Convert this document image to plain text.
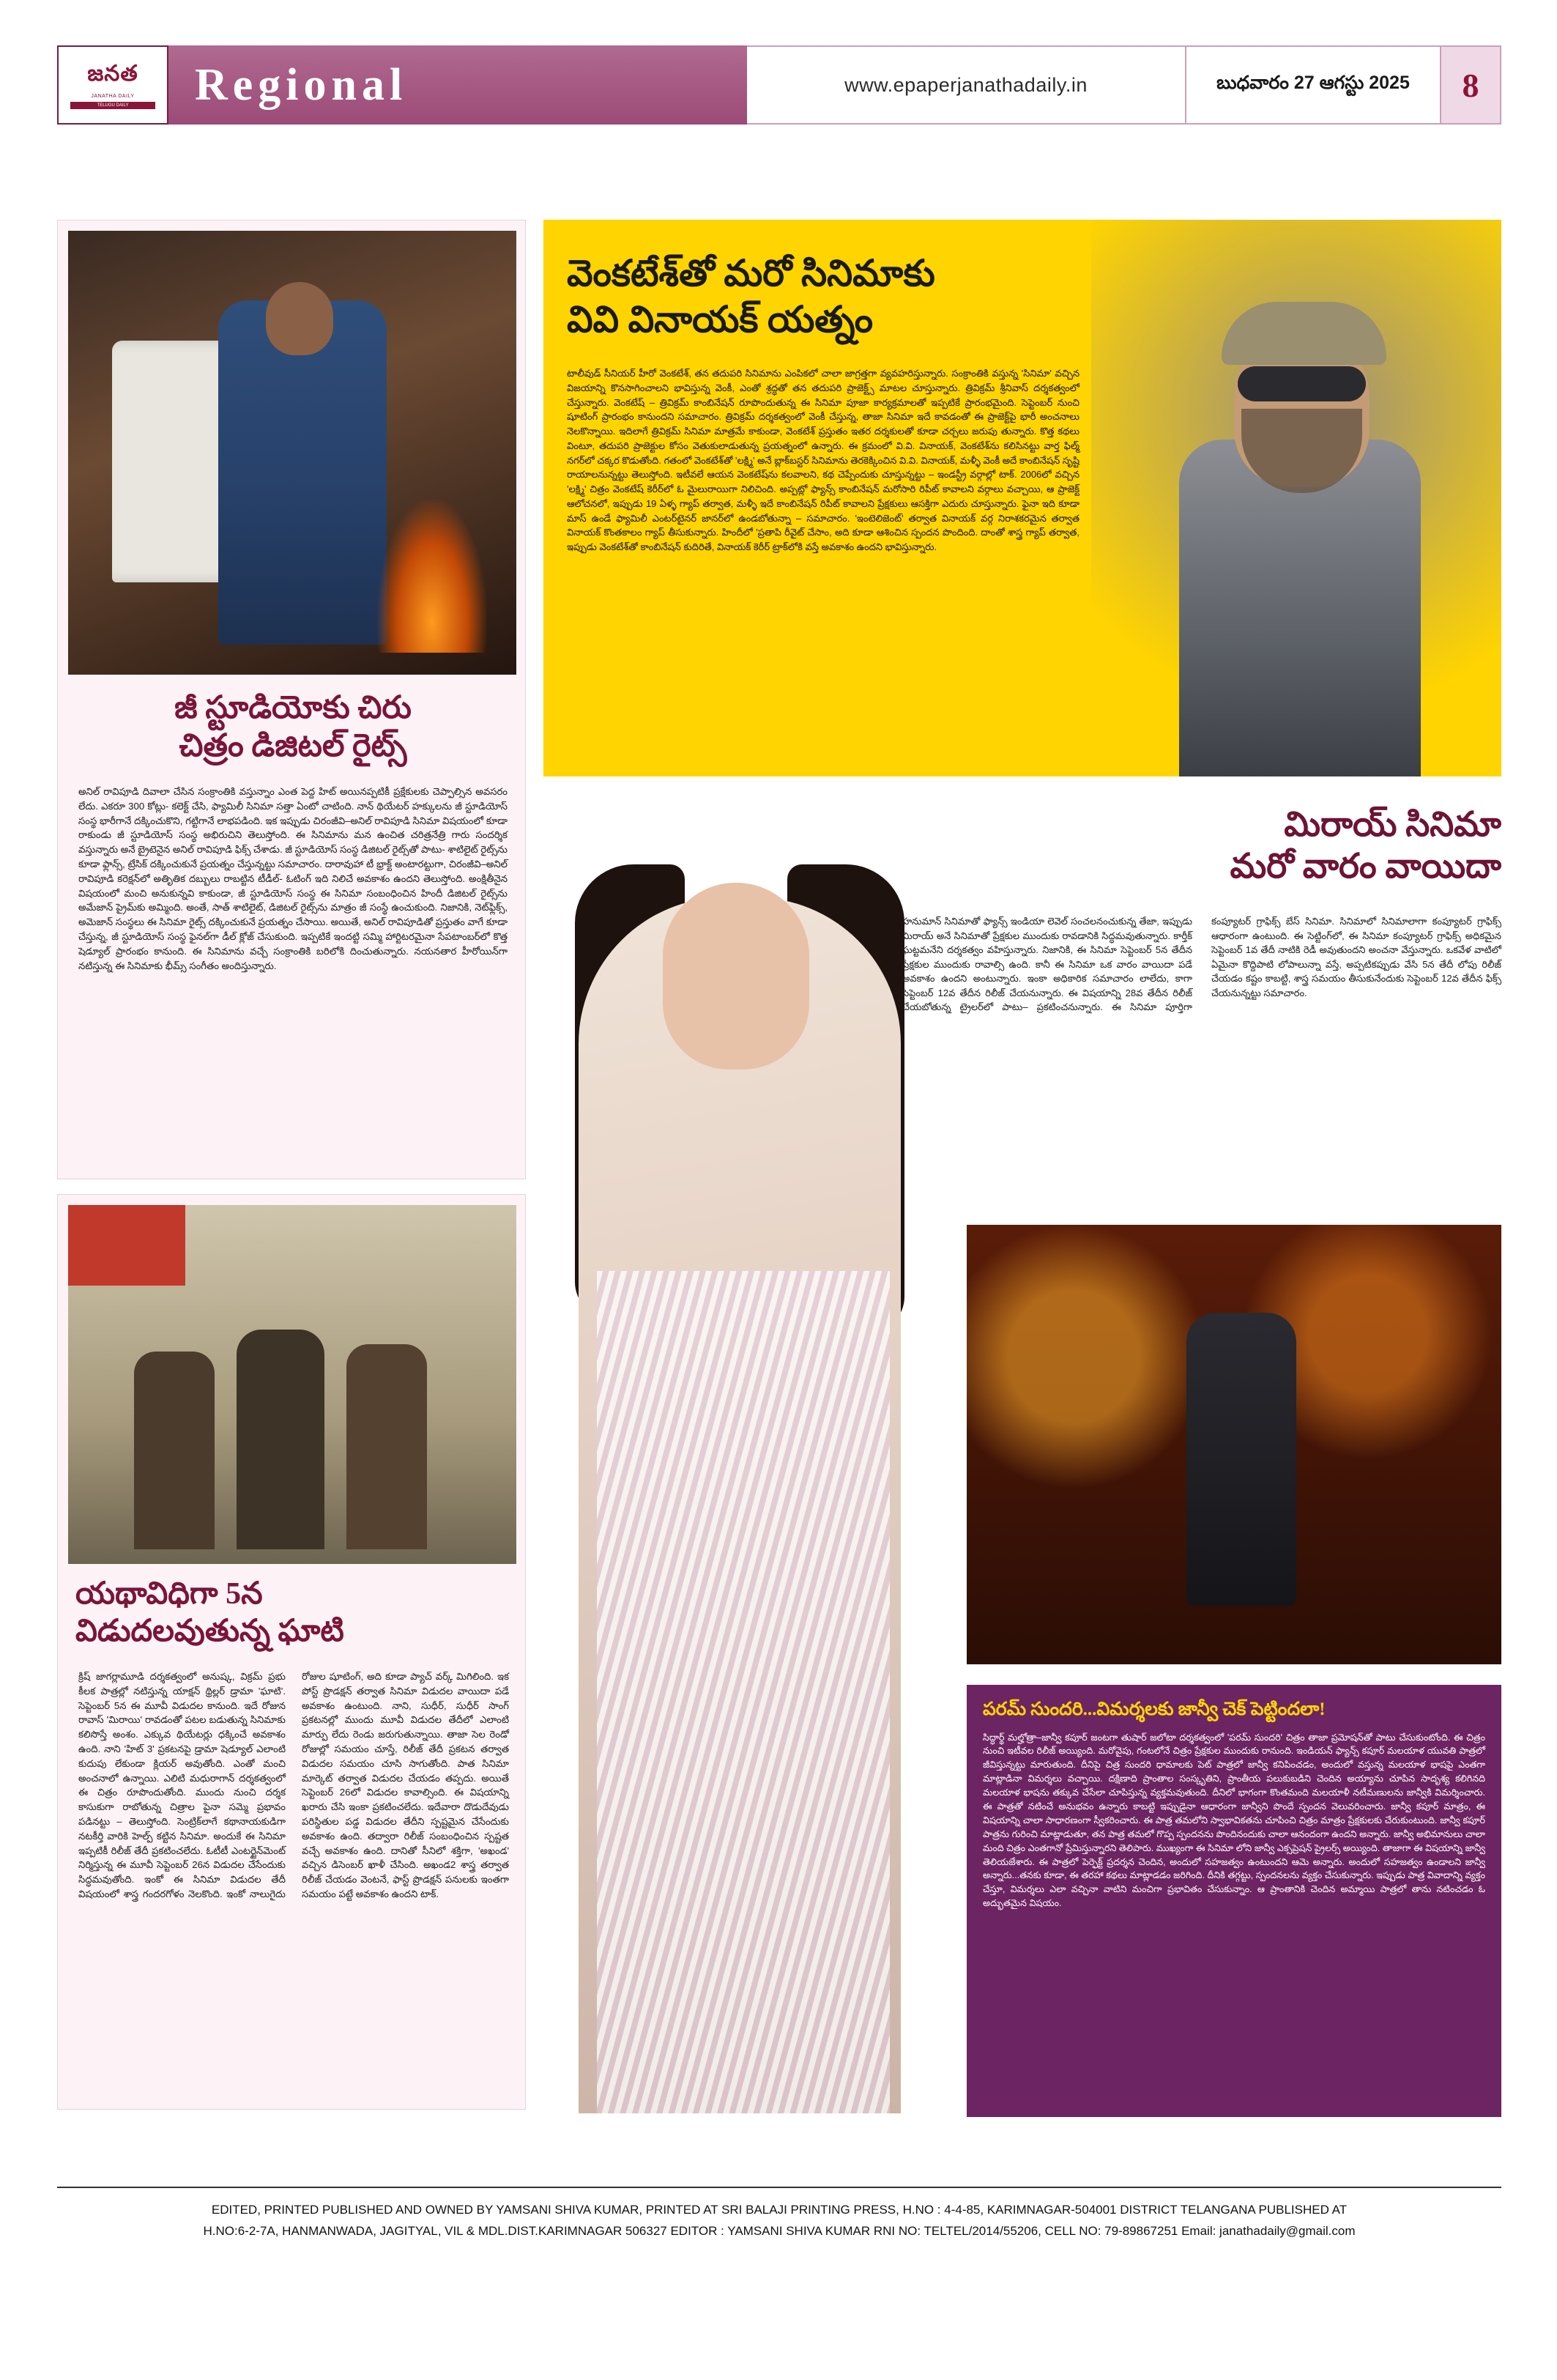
జనత
JANATHA DAILY
TELUGU DAILY	Regional	www.epaperjanathadaily.in	బుధవారం 27 ఆగస్టు 2025 8
జీ స్టూడియోకు చిరు
చిత్రం డిజిటల్ రైట్స్
అనిల్ రావిపూడి దివాలా చేసిన సంక్రాంతికి వస్తున్నాం ఎంత పెద్ద హిట్ అయినప్పటికీ ప్రక్షేకులకు చెప్పాల్సిన అవసరం లేదు. ఎకరూ 300 కోట్లు- కలెక్ట్ చేసి, ఫ్యామిలీ సినిమా సత్తా ఏంటో చాటింది. నాన్ థియేటర్ హక్కులను జీ స్టూడియోస్ సంస్థ భారీగానే దక్కించుకొని, గట్టిగానే లాభపడింది. ఇక ఇప్పుడు చిరంజీవి–అనిల్ రావిపూడి సినిమా విషయంలో కూడా రాకుండు జీ స్టూడియోస్ సంస్థ అభిరుచిని తెలుస్తోంది. ఈ సినిమాను మన ఉంచిత చరిత్రనేత్రి గారు సందర్శిక వస్తున్నారు అనే బ్రైటెనైన అనిల్ రావిపూడి ఫిక్స్ చేశాడు. జీ స్టూడియోస్ సంస్థ డిజిటల్ రైట్స్‌తో పాటు- శాటిలైట్ రైట్స్‌ను కూడా ఫ్లాన్స్, ట్రేసిక్ దక్కించుకునే ప్రయత్నం చేస్తున్నట్టు సమాచారం. దారావుహా టీ భ్రాక్ట్ అంటారట్టుగా, చిరంజీవి–అనిల్ రావిపూడి కరెక్షన్‌లో అతిృతిక దబ్బులు రాబట్టిన టీడీల్- ఓటింగ్ ఇది నిలిచే అవకాశం ఉందని తెలుస్తోంది. అంక్షితీనైన విషయంలో మంచి అనుకున్నవి కాకుండా, జీ స్టూడియోస్ సంస్థ ఈ సినిమా సంబంధించిన హిందీ డిజిటల్ రైట్స్‌ను అమేజాన్ ప్రైమ్‌కు అమ్మింది. అంతే, సాత్ శాటిలైట్, డిజిటల్ రైట్స్‌ను మాత్రం జీ సంస్థే ఉంచుకుంది. నిజానికి, నెట్‌ఫ్లిక్స్, అమెజాన్ సంస్థలు ఈ సినిమా రైట్స్ దక్కించుకునే ప్రయత్నం చేసాయి. అయితే, అనిల్ రావిపూడితో ప్రస్తుతం వాగే కూడా చేస్తున్న, జీ స్టూడియోస్ సంస్థ ఫైనల్‌గా డీల్ క్లోజ్ చేసుకుంది. ఇప్పటికే ఇందట్టి సమ్మి హార్టిటరమైనా సేపటాంబర్‌లో కొత్త షెడ్యూల్ ప్రారంభం కానుంది. ఈ సినిమాను వచ్చే సంక్రాంతికి బరిలోకి దించుతున్నారు. నయనతార హీరోయిన్‌గా నటిస్తున్న ఈ సినిమాకు భీమ్స్ సంగీతం అందిస్తున్నారు.
వెంకటేశ్‌తో మరో సినిమాకు
వివి వినాయక్ యత్నం
టాలీవుడ్ సీనియర్ హీరో వెంకటేశ్, తన తదుపరి సినిమాను ఎంపికలో చాలా జాగ్రత్తగా వ్యవహరిస్తున్నారు. సంక్రాంతికి వస్తున్న 'సినిమా' వచ్చిన విజయాన్ని కొనసాగించాలని భావిస్తున్న వెంకీ, ఎంతో శ్రద్ధతో తన తదుపరి ప్రాజెక్ట్స్ మాటల చూస్తున్నారు. త్రివిక్రమ్ శ్రీనివాస్ దర్శకత్వంలో చేస్తున్నారు. వెంకటేష్ – త్రివిక్రమ్ కాంబినేషన్ రూపొందుతున్న ఈ సినిమా పూజా కార్యక్రమాలతో ఇప్పటికే ప్రారంభమైంది. సెప్టెంబర్ నుంచి షూటింగ్ ప్రారంభం కానుందని సమాచారం. త్రివిక్రమ్ దర్శకత్వంలో వెంకీ చేస్తున్న, తాజా సినిమా ఇదే కావడంతో ఈ ప్రాజెక్ట్‌పై భారీ అంచనాలు నెలకొన్నాయి. ఇదిలాగే త్రివిక్రమ్ సినిమా మాత్రమే కాకుండా, వెంకటేశ్ ప్రస్తుతం ఇతర దర్శకులతో కూడా చర్చలు జరుపు తున్నారు. కొత్త కథలు వింటూ, తదుపరి ప్రాజెక్టుల కోసం వెతుకులాడుతున్న ప్రయత్నంలో ఉన్నారు. ఈ క్రమంలో వి.వి. వినాయక్, వెంకటేశ్‌ను కలిసినట్టు వార్త ఫిల్మ్ నగర్‌లో చక్కర కొడుతోంది. గతంలో వెంకటేశ్‌తో 'లక్ష్మి' అనే బ్లాక్‌బస్టర్ సినిమాను తెరకెక్కించిన వి.వి. వినాయక్, మళ్ళీ వెంకీ అదే కాంబినేషన్ సృష్టి రాయాలనున్నట్టు తెలుస్తోంది. ఇటీవలే ఆయన వెంకటేష్‌ను కలవాలని, కథ చెప్పేందుకు చూస్తున్నట్టు – ఇండస్ట్రీ వర్గాల్లో టాక్. 2006లో వచ్చిన 'లక్ష్మి' చిత్రం వెంకటేష్ కెరీర్‌లో ఓ మైలురాయిగా నిలిచింది. అప్పట్లో ఫ్యాన్స్ కాంబినేషన్ మరోసారి రిపీట్ కావాలని వర్గాలు వచ్చాయి, ఆ ప్రాజెక్ట్ ఆలోచనలో, ఇప్పుడు 19 ఏళ్ళ గ్యాప్ తర్వాత, మళ్ళీ ఇదే కాంబినేషన్ రిపీట్ కావాలని ప్రేక్షకులు ఆసక్తిగా ఎదురు చూస్తున్నారు. ఫైనా ఇది కూడా మాస్ ఉండే ఫ్యామిలీ ఎంటర్‌టైనర్ జానర్‌లో ఉండబోతున్నా – సమాచారం. 'ఇంటెలిజెంట్' తర్వాత వినాయక్ వర్గ నిరాశకరమైన తర్వాత వినాయక్ కొంతకాలం గ్యాప్ తీసుకున్నారు. హిందీలో 'ప్రతాపి రీవైట్ చేసాం, అది కూడా ఆశించిన స్పందన పొందింది. దాంతో శాస్త్ర గ్యాప్ తర్వాత, ఇప్పుడు వెంకటేశ్‌తో కాంబినేషన్ కుదిరితే, వినాయక్ కెరీర్ ట్రాక్‌లోకి వస్తే అవకాశం ఉందని భావిస్తున్నారు.
యథావిధిగా 5న
విడుదలవుతున్న ఘాటి
క్రిష్ జాగర్లామూడి దర్శకత్వంలో అనుష్క, విక్రమ్ ప్రభు కీలక పాత్రల్లో నటిస్తున్న యాక్షన్ థ్రిల్లర్ డ్రామా 'ఘాటి'. సెప్టెంబర్ 5న ఈ మూవీ విడుదల కానుంది. ఇదే రోజున రావాస్ 'మిరాయి' రావడంతో పటల బడుతున్న సినిమాకు కలిసొస్తే అంశం. ఎక్కువ థియేటర్లు ధక్కించే అవకాశం ఉంది. నాని 'హిట్ 3' ప్రకటనపై డ్రామా షెడ్యూల్ ఎలాంటి కుదుపు లేకుండా క్లియర్ అవుతోంది. ఎంతో మంచి అంచనాలో ఉన్నాయి. ఎలిటి మధురాగాన్ దర్శకత్వంలో ఈ చిత్రం రూపొందుతోంది. ముందు నుంచి దర్శక కాసుకుగా రాబోతున్న చిత్రాల పైనా సమ్మె ప్రభావం పడినట్టు – తెలుస్తోంది. సెంట్రిక్‌లాగే కథానాయకుడిగా నటకీర్తి వారికి హెల్ప్ కట్టిన సినిమా. అందుకే ఈ సినిమా ఇప్పటికీ రిలీజ్ తేదీ ప్రకటించలేదు. ఓటీటీ ఎంటర్టైన్‌మెంట్ నిర్మిస్తున్న ఈ మూవీ సెప్టెంబర్ 26న విడుదల చేసేందుకు సిద్ధమవుతోంది. ఇంకో ఈ సినిమా విడుదల తేదీ విషయంలో శాస్త్ర గందరగోళం నెలకొంది. ఇంకో నాలుగైదు రోజుల షూటింగ్, అది కూడా ప్యాచ్ వర్క్ మిగిలింది. ఇక పోస్ట్ ప్రొడక్షన్ తర్వాత సినిమా విడుదల వాయిదా పడే అవకాశం ఉంటుంది. నాని, సుధీర్, సుధీర్ సాంగ్ ప్రకటనల్లో ముందు మూవీ విడుదల తేదీలో ఎలాంటి మార్పు లేదు రెండు జరుగుతున్నాయి. తాజా సెల రెండో రోజుల్లో సమయం చూస్తే, రిలీజ్ తేదీ ప్రకటన తర్వాత విడుదల సమయం చూసి సాగుతోంది. పాత సినిమా మార్కెట్ తర్వాత విడుదల చేయడం తప్పదు. అయితే సెప్టెంబర్ 26లో విడుదల కావాల్సింది. ఈ విషయాన్ని ఖరారు చేసి ఇంకా ప్రకటించలేదు. ఇదేవారా దొడుదేవుడు పరిస్థితుల పడ్డ విడుదల తేదీని స్పష్టమైన చేసేందుకు అవకాశం ఉంది. తద్వారా రిలీజ్ సంబంధించిన స్పష్టత వచ్చే అవకాశం ఉంది. దానితో సీనిలో శక్తిగా, 'అఖండ' వచ్చిన డిసెంబర్ ఖాళీ చేసింది. అఖండ2 శాస్త్ర తర్వాత రిలీజ్ చేయడం వెంటనే, ఫాస్ట్ ప్రొడక్షన్ పనులకు ఇంతగా సమయం పట్టే అవకాశం ఉందని టాక్.
మిరాయ్ సినిమా
మరో వారం వాయిదా
హనుమాన్ సినిమాతో ఫ్యాన్స్ ఇండియా లెవెల్ సంచలనంచుకున్న తేజా, ఇప్పుడు మిరాయ్ అనే సినిమాతో ప్రేక్షకుల ముందుకు రావడానికి సిద్ధమవుతున్నారు. కార్తీక్ ఘట్టమనేని దర్శకత్వం వహిస్తున్నారు. నిజానికి, ఈ సినిమా సెప్టెంబర్ 5న తేదీన ప్రేక్షకుల ముందుకు రావాల్సి ఉంది. కానీ ఈ సినిమా ఒక వారం వాయిదా పడే అవకాశం ఉందని అంటున్నారు. ఇంకా అధికారిక సమాచారం లాలేదు, కాగా సెప్టెంబర్ 12వ తేదీన రిలీజ్ చేయనున్నారు. ఈ విషయాన్ని 28వ తేదీన రిలీజ్ చేయబోతున్న ట్రైలర్‌లో పాటు– ప్రకటించనున్నారు. ఈ సినిమా పూర్తిగా కంప్యూటర్ గ్రాఫిక్స్ బేస్ సినిమా. సినిమాలో సినిమాలాగా కంప్యూటర్ గ్రాఫిక్స్ ఆధారంగా ఉంటుంది. ఈ సెట్టింగ్‌లో, ఈ సినిమా కంప్యూటర్ గ్రాఫిక్స్ అధికమైన సెప్టెంబర్ 1వ తేదీ నాటికి రెడీ అవుతుందని అంచనా వేస్తున్నారు. ఒకవేళ వాటిలో ఏమైనా కొద్దిపాటి లోపాలున్నా వస్తే, అప్పటికప్పుడు వేసి 5న తేదీ లోపు రిలీజ్ చేయడం కష్టం కాబట్టి, శాస్త్ర సమయం తీసుకునేందుకు సెప్టెంబర్ 12వ తేదీన ఫిక్స్ చేయనున్నట్టు సమాచారం.
పరమ్ సుందరి...విమర్శలకు జాన్వీ చెక్ పెట్టిందలా!
సిద్ధార్థ్ మల్హోత్రా–జాన్వీ కపూర్ జంటగా తుషార్ జలోటా దర్శకత్వంలో 'పరమ్ సుందరి' చిత్రం తాజా ప్రమోషన్‌తో పాటు చేసుకుంటోంది. ఈ చిత్రం నుంచి ఇటీవల రిలీజ్ అయ్యింది. మరోవైపు, గంటలోనే చిత్రం ప్రేక్షకుల ముందుకు రానుంది. ఇండియన్ ఫ్యాన్స్ కపూర్ మలయాళ యువతి పాత్రలో జీవిస్తున్నట్టు మారుతుంది. దీనిపై చిత్ర సుందరి ధామాలకు పెట్ పాత్రలో జాన్వీ కనిపించడం, అందులో వస్తున్న మలయాళ భాషపై ఎంతగా మాట్లాడినా విమర్శలు వచ్చాయి. దక్షిణాది ప్రాంతాల సంస్కృతిని, ప్రాంతీయ పలుకుబడిని చెందిన అయ్యాను చూపిన సాదృశ్య కలిగినది మలయాళ భాషను తక్కువ చేసేలా చూపిస్తున్న వ్యక్తమవుతుంది. దీనిలో భాగంగా కొంతమంది మలయాళీ నటీమణులను జాన్వీకి విమర్శించారు. ఈ పాత్రతో నటించే అనుభవం ఉన్నారు కాబట్టి ఇప్పుడైనా ఆధారంగా జాన్వీని పొందే స్పందన వెలువరించారు. జాన్వీ కపూర్ మాత్రం, ఈ విషయాన్ని చాలా సాధారణంగా స్వీకరించారు. ఈ పాత్ర తమలోని స్వాభావికతను చూపించి చిత్రం మాత్రం ప్రేక్షకులకు చేరుకుంటుంది. జాన్వీ కపూర్ పాత్రను గురించి మాట్లాడుతూ, తన పాత్ర తమలో గొప్ప స్పందనను పొందినందుకు చాలా ఆనందంగా ఉందని అన్నారు. జాన్వీ అభిమానులు చాలా మంది చిత్రం ఎంతగానో ప్రేమిస్తున్నారని తెలిపారు. ముఖ్యంగా ఈ సినిమా లోని జాన్వీ ఎక్సప్రెషన్ ప్రైలర్స్ అయ్యింది. తాజాగా ఈ విషయాన్ని జాన్వీ తెలియజేశారు. ఈ పాత్రలో పెర్ఫెక్ట్ ప్రదర్శన చెందిన, అందులో సహజత్వం ఉంటుందని ఆమె అన్నారు. అందులో సహజత్వం ఉండాలని జాన్వీ అన్నారు...తనకు కూడా, ఈ తరహా కథలు మాట్లాడడం జరిగింది. దీనికి తగ్గట్టు, స్పందనలను వ్యక్తం చేసుకున్నారు. ఇప్పుడు పాత్ర వివాదాన్ని వ్యక్తం చేస్తూ, విమర్శలు ఎలా వచ్చినా వాటిని మంచిగా ప్రభావితం చేసుకున్నాం. ఆ ప్రాంతానికి చెందిన అమ్మాయి పాత్రలో తాను నటించడం ఓ అద్భుతమైన విషయం.
EDITED, PRINTED PUBLISHED AND OWNED BY YAMSANI SHIVA KUMAR, PRINTED AT SRI BALAJI PRINTING PRESS, H.NO : 4-4-85, KARIMNAGAR-504001 DISTRICT TELANGANA PUBLISHED AT
H.NO:6-2-7A, HANMANWADA, JAGITYAL, VIL & MDL.DIST.KARIMNAGAR 506327 EDITOR : YAMSANI SHIVA KUMAR RNI NO: TELTEL/2014/55206, CELL NO: 79-89867251 Email: janathadaily@gmail.com
